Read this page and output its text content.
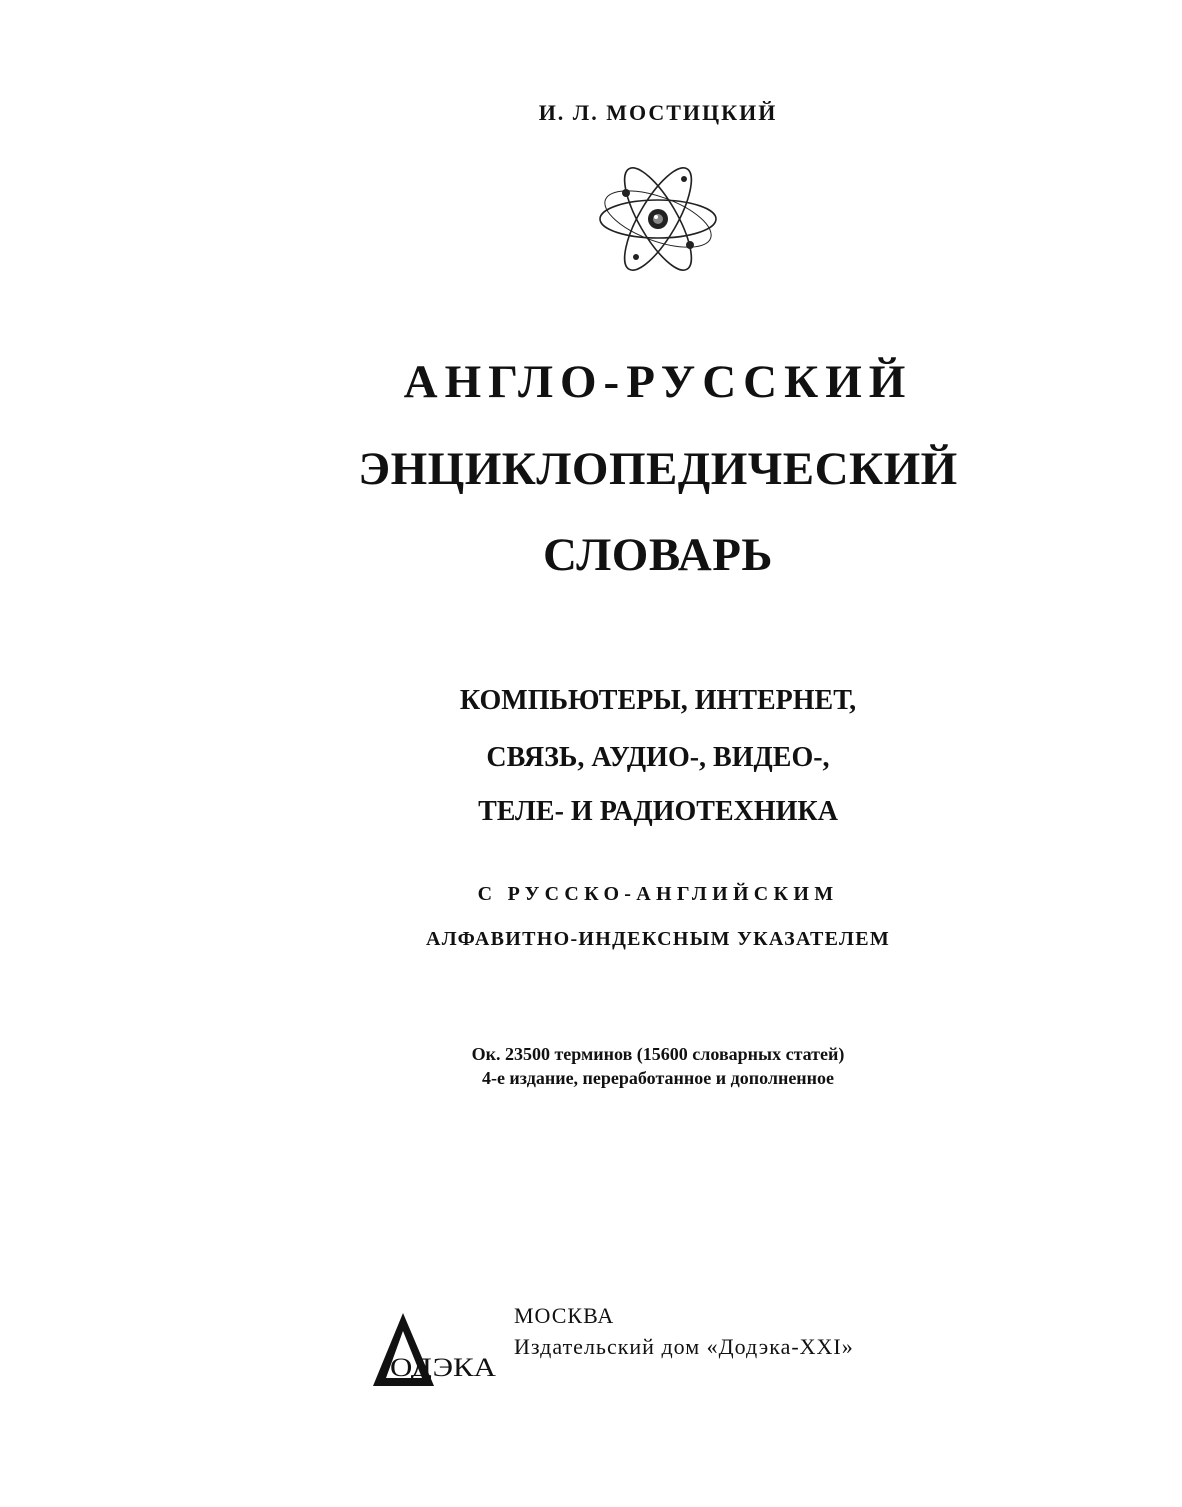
И. Л. МОСТИЦКИЙ
АНГЛО-РУССКИЙ
ЭНЦИКЛОПЕДИЧЕСКИЙ
СЛОВАРЬ
КОМПЬЮТЕРЫ, ИНТЕРНЕТ,
СВЯЗЬ, АУДИО-, ВИДЕО-,
ТЕЛЕ- И РАДИОТЕХНИКА
С РУССКО-АНГЛИЙСКИМ
АЛФАВИТНО-ИНДЕКСНЫМ УКАЗАТЕЛЕМ
Ок. 23500 терминов (15600 словарных статей)
4-е издание, переработанное и дополненное
ОДЭКА
МОСКВА
Издательский дом «Додэка-XXI»
